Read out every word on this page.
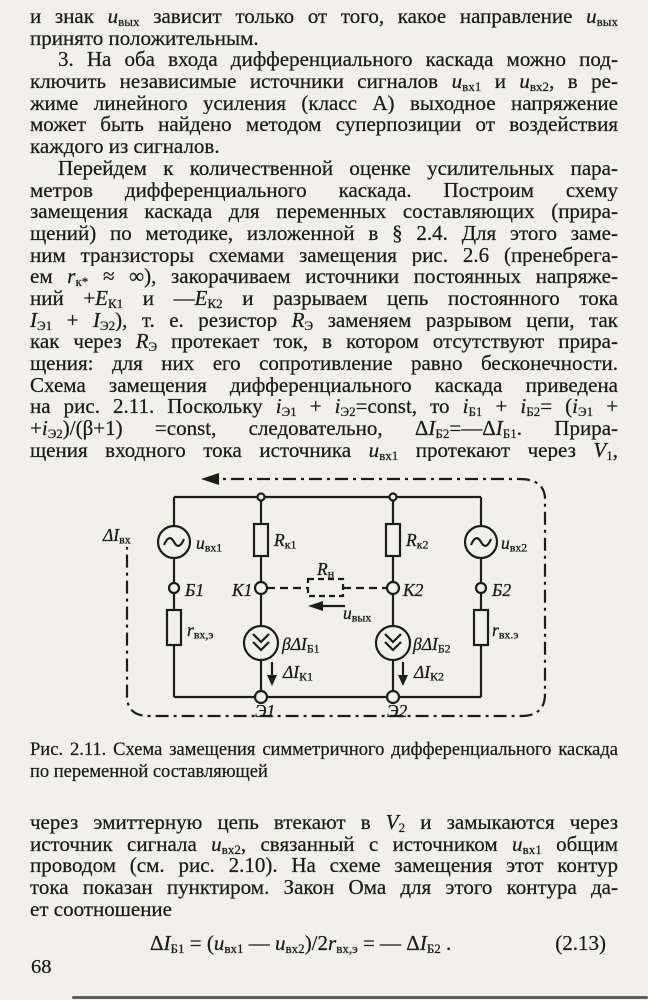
и знак $u_{вых}$ зависит только от того, какое направление $u_{вых}$
принято положительным.
3. На оба входа дифференциального каскада можно под-
ключить независимые источники сигналов $u_{вх1}$ и $u_{вх2}$, в ре-
жиме линейного усиления (класс А) выходное напряжение
может быть найдено методом суперпозиции от воздействия
каждого из сигналов.
Перейдем к количественной оценке усилительных пара-
метров дифференциального каскада. Построим схему
замещения каскада для переменных составляющих (прира-
щений) по методике, изложенной в § 2.4. Для этого заме-
ним транзисторы схемами замещения рис. 2.6 (пренебрега-
ем $r_{к*}$ ≈ ∞), закорачиваем источники постоянных напряже-
ний $+E_{К1}$ и $—E_{К2}$ и разрываем цепь постоянного тока
$I_{Э1} + I_{Э2}$), т. е. резистор $R_Э$ заменяем разрывом цепи, так
как через $R_Э$ протекает ток, в котором отсутствуют прира-
щения: для них его сопротивление равно бесконечности.
Схема замещения дифференциального каскада приведена
на рис. 2.11. Поскольку $i_{Э1}$ + $i_{Э2}=const$, то $i_{Б1} + i_{Б2}= (i_{Э1}$ +
$+i_{Э2})/(\beta+1)$ =const, следовательно, $\Delta I_{Б2}=—\Delta I_{Б1}$. Прира-
щения входного тока источника $u_{вх1}$ протекают через $V_1$,
$\Delta I_{вх}$	$u_{вх1}$	$R_{к1}$	$R_{к2}$	$u_{вх2}$
Б1 К1
$R_н$
К2	Б2
$u_{вых}$
$r_{вх,э}$	$r_{вх.э}$
βΔI$_{Б1}$	βΔI$_{Б2}$
$\Delta I_{К1}$	$\Delta I_{К2}$
Э1	Э2
Рис. 2.11. Схема замещения симметричного дифференциального каскада
по переменной составляющей
через эмиттерную цепь втекают в $V_2$ и замыкаются через
источник сигнала $u_{вх2}$, связанный с источником $u_{вх1}$ общим
проводом (см. рис. 2.10). На схеме замещения этот контур
тока показан пунктиром. Закон Ома для этого контура да-
ет соотношение
$\Delta I_{Б1} = (u_{вх1}$ — $u_{вх2})/2r_{вх,э}$ = — $\Delta I_{Б2}$ .	(2.13)
68
